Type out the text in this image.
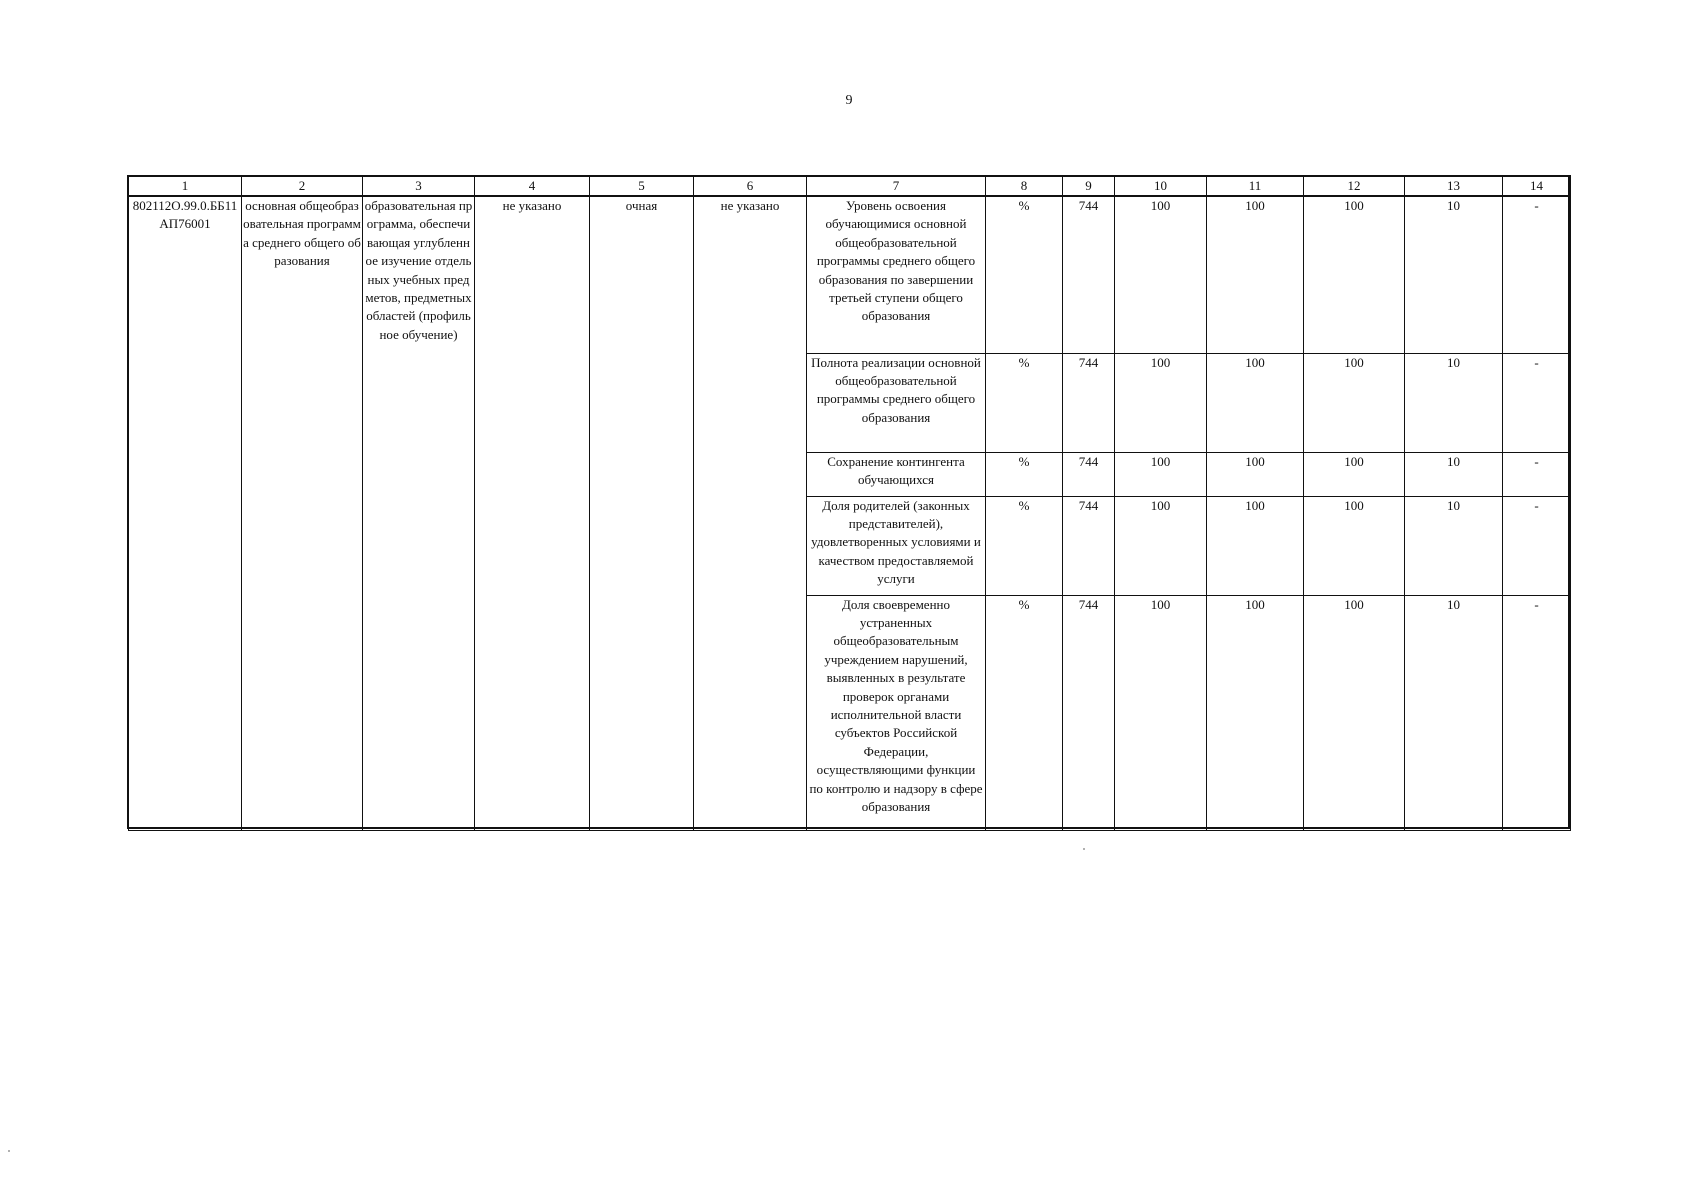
9
1	2	3	4	5	6	7	8	9	10	11	12	13	14
802112О.99.0.ББ11АП76001	основная общеобразовательная программа среднего общего образования	образовательная программа, обеспечивающая углубленное изучение отдельных учебных предметов, предметных областей (профильное обучение)	не указано	очная	не указано	Уровень освоения обучающимися основной общеобразовательной программы среднего общего образования по завершении третьей ступени общего образования	%	744	100	100	100	10	-
						Полнота реализации основной общеобразовательной программы среднего общего образования	%	744	100	100	100	10	-
						Сохранение контингента обучающихся	%	744	100	100	100	10	-
						Доля родителей (законных представителей), удовлетворенных условиями и качеством предоставляемой услуги	%	744	100	100	100	10	-
						Доля своевременно устраненных общеобразовательным учреждением нарушений, выявленных в результате проверок органами исполнительной власти субъектов Российской Федерации, осуществляющими функции по контролю и надзору в сфере образования	%	744	100	100	100	10	-
